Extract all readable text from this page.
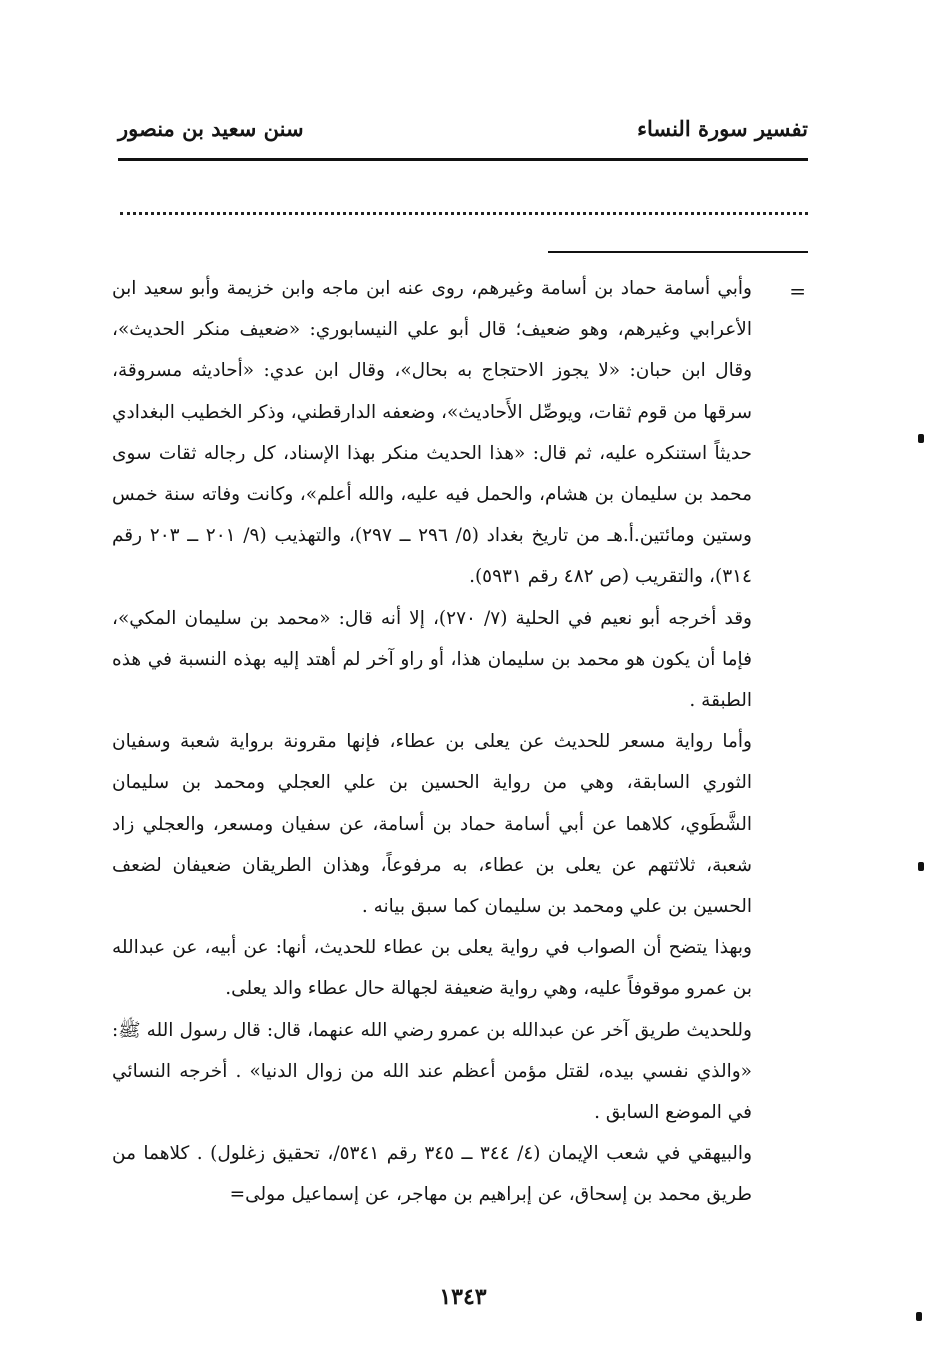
تفسير سورة النساء
سنن سعيد بن منصور
=

وأبي أسامة حماد بن أسامة وغيرهم، روى عنه ابن ماجه وابن خزيمة وأبو سعيد ابن الأعرابي وغيرهم، وهو ضعيف؛ قال أبو علي النيسابوري: «ضعيف منكر الحديث»، وقال ابن حبان: «لا يجوز الاحتجاج به بحال»، وقال ابن عدي: «أحاديثه مسروقة، سرقها من قوم ثقات، ويوصِّل الأَحاديث»، وضعفه الدارقطني، وذكر الخطيب البغدادي حديثاً استنكره عليه، ثم قال: «هذا الحديث منكر بهذا الإسناد، كل رجاله ثقات سوى محمد بن سليمان بن هشام، والحمل فيه عليه، والله أعلم»، وكانت وفاته سنة خمس وستين ومائتين.أ.هـ من تاريخ بغداد (٥/ ٢٩٦ ــ ٢٩٧)، والتهذيب (٩/ ٢٠١ ــ ٢٠٣ رقم ٣١٤)، والتقريب (ص ٤٨٢ رقم ٥٩٣١).

وقد أخرجه أبو نعيم في الحلية (٧/ ٢٧٠)، إلا أنه قال: «محمد بن سليمان المكي»، فإما أن يكون هو محمد بن سليمان هذا، أو راو آخر لم أهتد إليه بهذه النسبة في هذه الطبقة .

وأما رواية مسعر للحديث عن يعلى بن عطاء، فإنها مقرونة برواية شعبة وسفيان الثوري السابقة، وهي من رواية الحسين بن علي العجلي ومحمد بن سليمان الشَّطَوي، كلاهما عن أبي أسامة حماد بن أسامة، عن سفيان ومسعر، والعجلي زاد شعبة، ثلاثتهم عن يعلى بن عطاء، به مرفوعاً، وهذان الطريقان ضعيفان لضعف الحسين بن علي ومحمد بن سليمان كما سبق بيانه .

وبهذا يتضح أن الصواب في رواية يعلى بن عطاء للحديث، أنها: عن أبيه، عن عبدالله بن عمرو موقوفاً عليه، وهي رواية ضعيفة لجهالة حال عطاء والد يعلى.

وللحديث طريق آخر عن عبدالله بن عمرو رضي الله عنهما، قال: قال رسول الله ﷺ: «والذي نفسي بيده، لقتل مؤمن أعظم عند الله من زوال الدنيا» . أخرجه النسائي في الموضع السابق .

والبيهقي في شعب الإيمان (٤/ ٣٤٤ ــ ٣٤٥ رقم ٥٣٤١/، تحقيق زغلول) . كلاهما من طريق محمد بن إسحاق، عن إبراهيم بن مهاجر، عن إسماعيل مولى=

١٣٤٣
